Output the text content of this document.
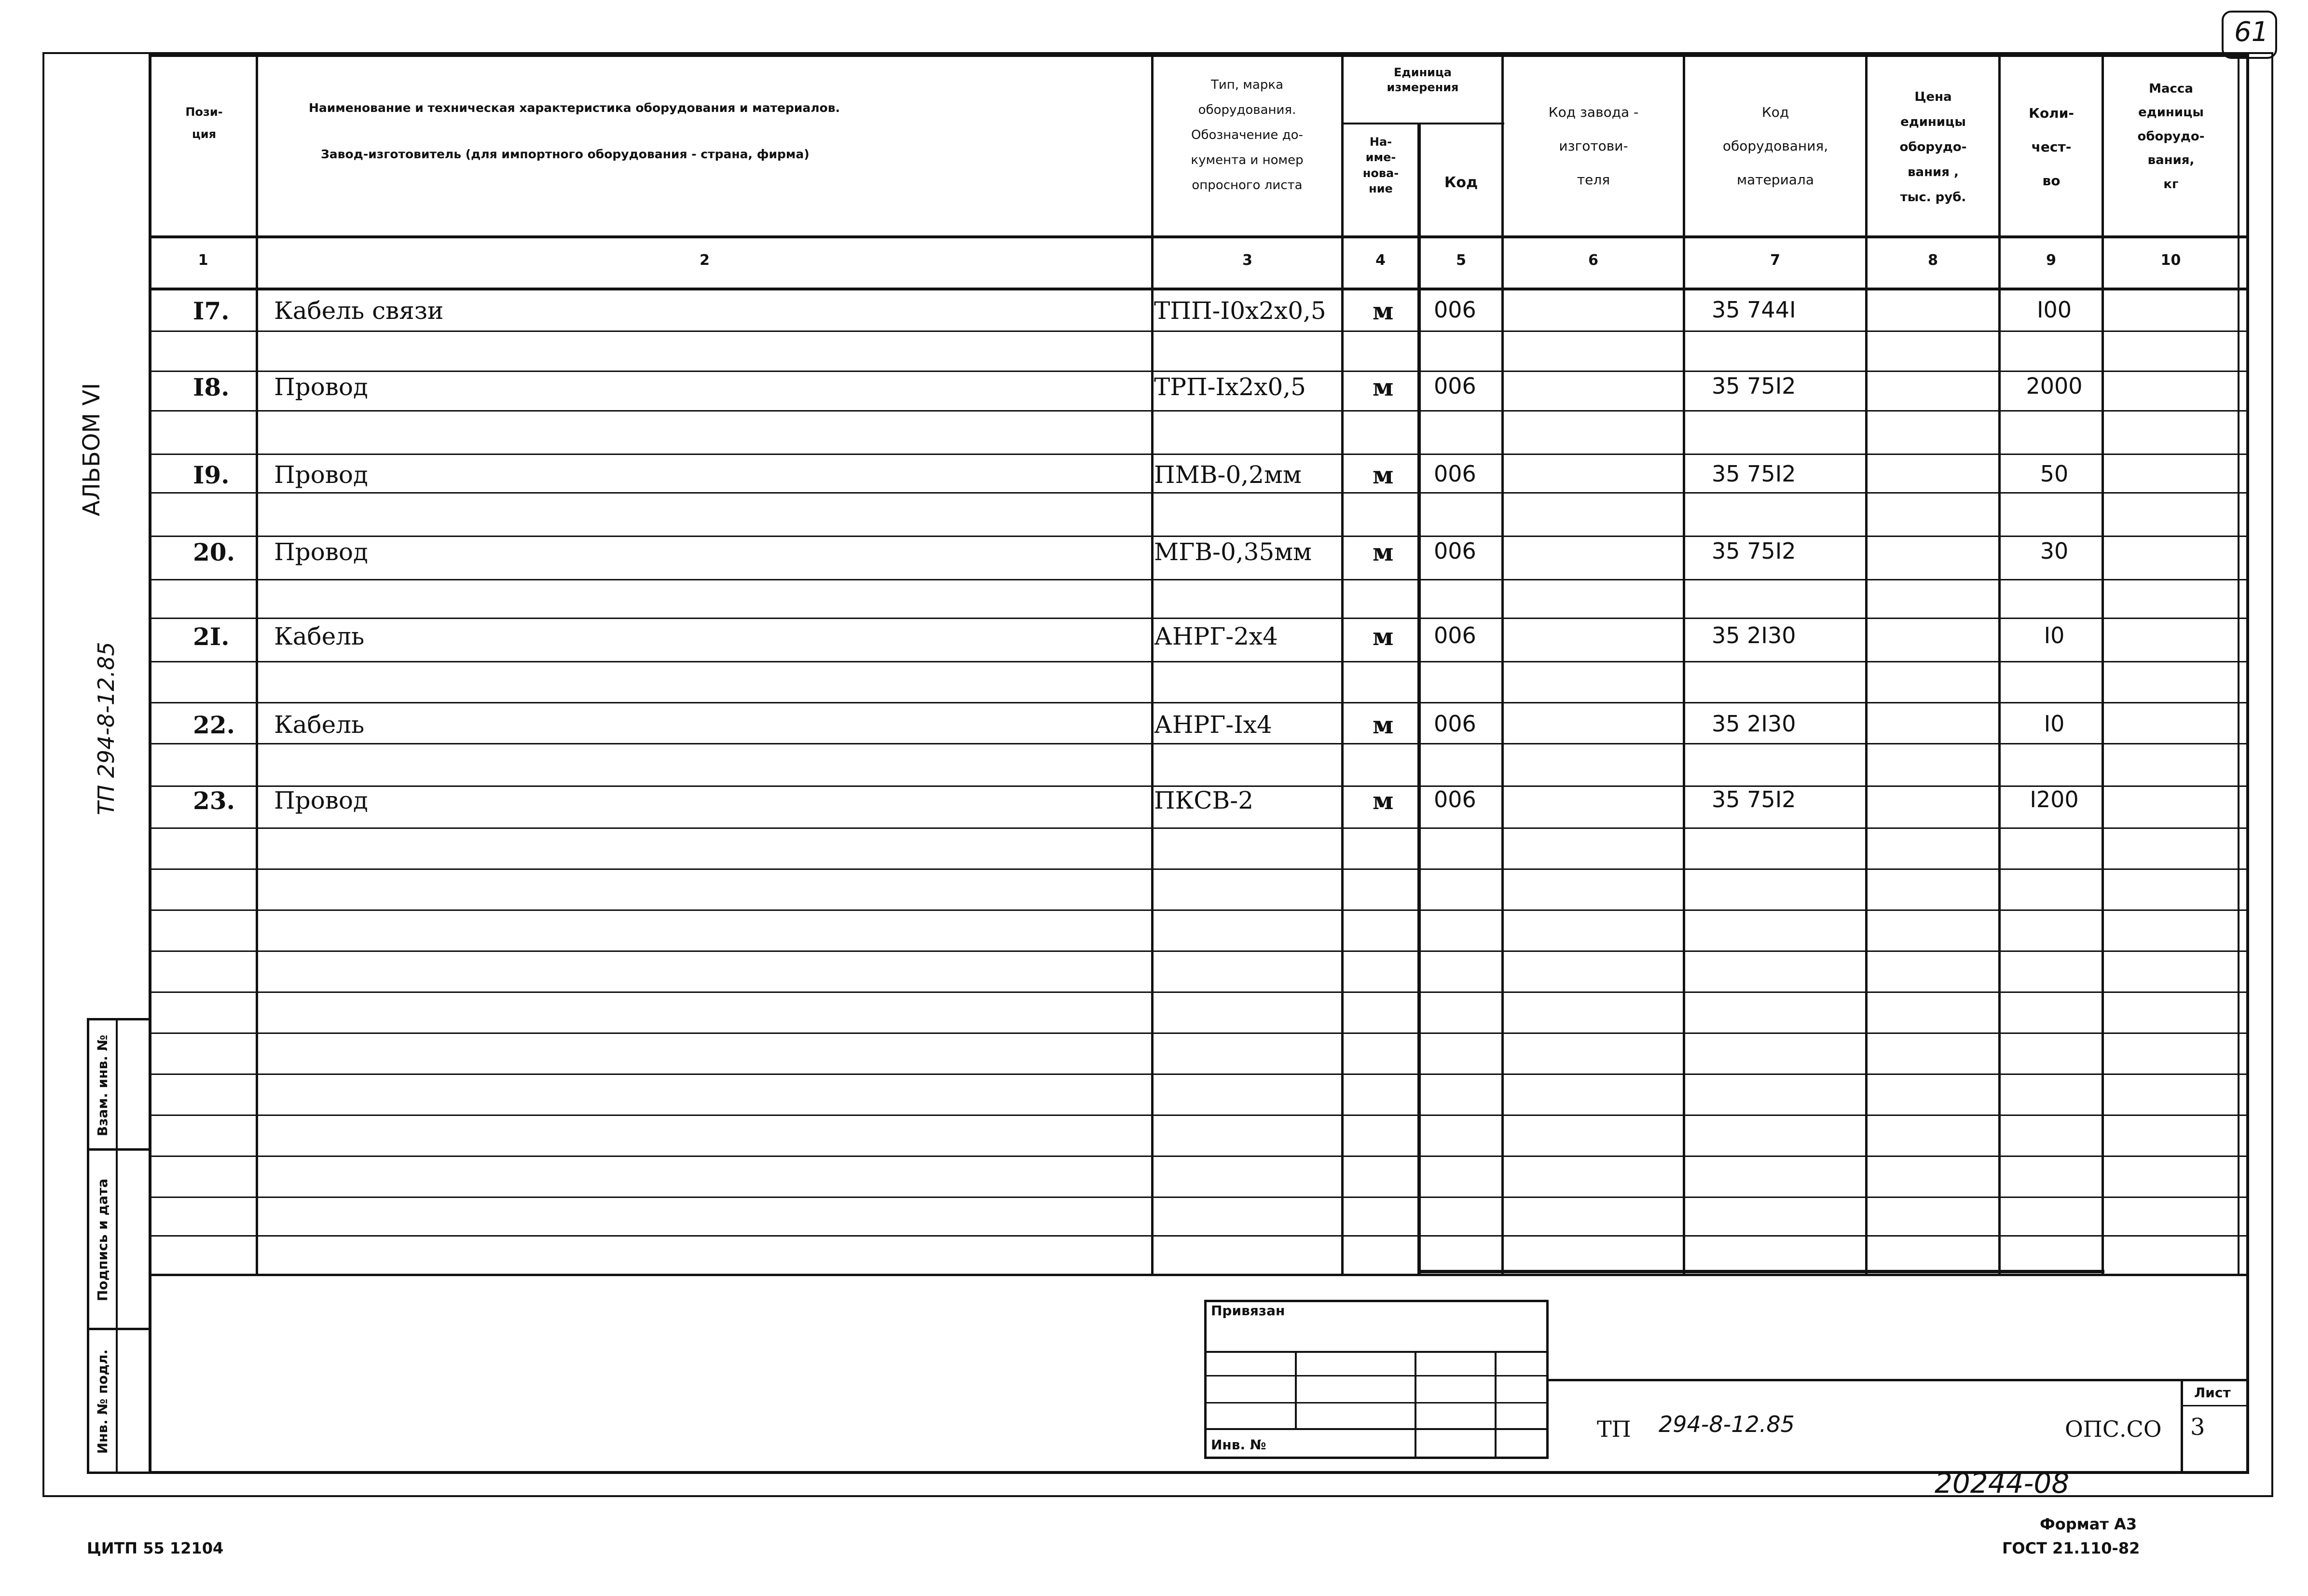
61
АЛЬБОМ VI
ТП 294-8-12.85
Взам. инв. №
Подпись и дата
Инв. № подл.
Пози-
ция
Наименование и техническая характеристика оборудования и материалов.
Завод-изготовитель (для импортного оборудования - страна, фирма)
Тип, марка
оборудования.
Обозначение до-
кумента и номер
опросного листа
Единица
измерения
На-
име-
нова-
ние	Код
Код завода -
изготови-
теля
Код
оборудования,
материала
Цена
единицы
оборудо-
вания ,
тыс. руб.
Коли-
чест-
во
Масса
единицы
оборудо-
вания,
кг
1	2	3	4	5	6	7	8	9	10
I7. Кабель связи	ТПП-I0х2х0,5 м 006	35 744I	I00
I8. Провод	ТРП-Iх2х0,5	м 006	35 75I2	2000
I9. Провод	ПМВ-0,2мм	м 006	35 75I2	50
20. Провод	МГВ-0,35мм	м 006	35 75I2	30
2I. Кабель	АНРГ-2х4	м 006	35 2I30	I0
22. Кабель	АНРГ-Iх4	м 006	35 2I30	I0
23. Провод	ПКСВ-2	м 006	35 75I2	I200
Привязан
Инв. №
ТП 294-8-12.85	ОПС.СО
Лист
3
20244-08
Формат А3
ГОСТ 21.110-82
ЦИТП 55 12104
